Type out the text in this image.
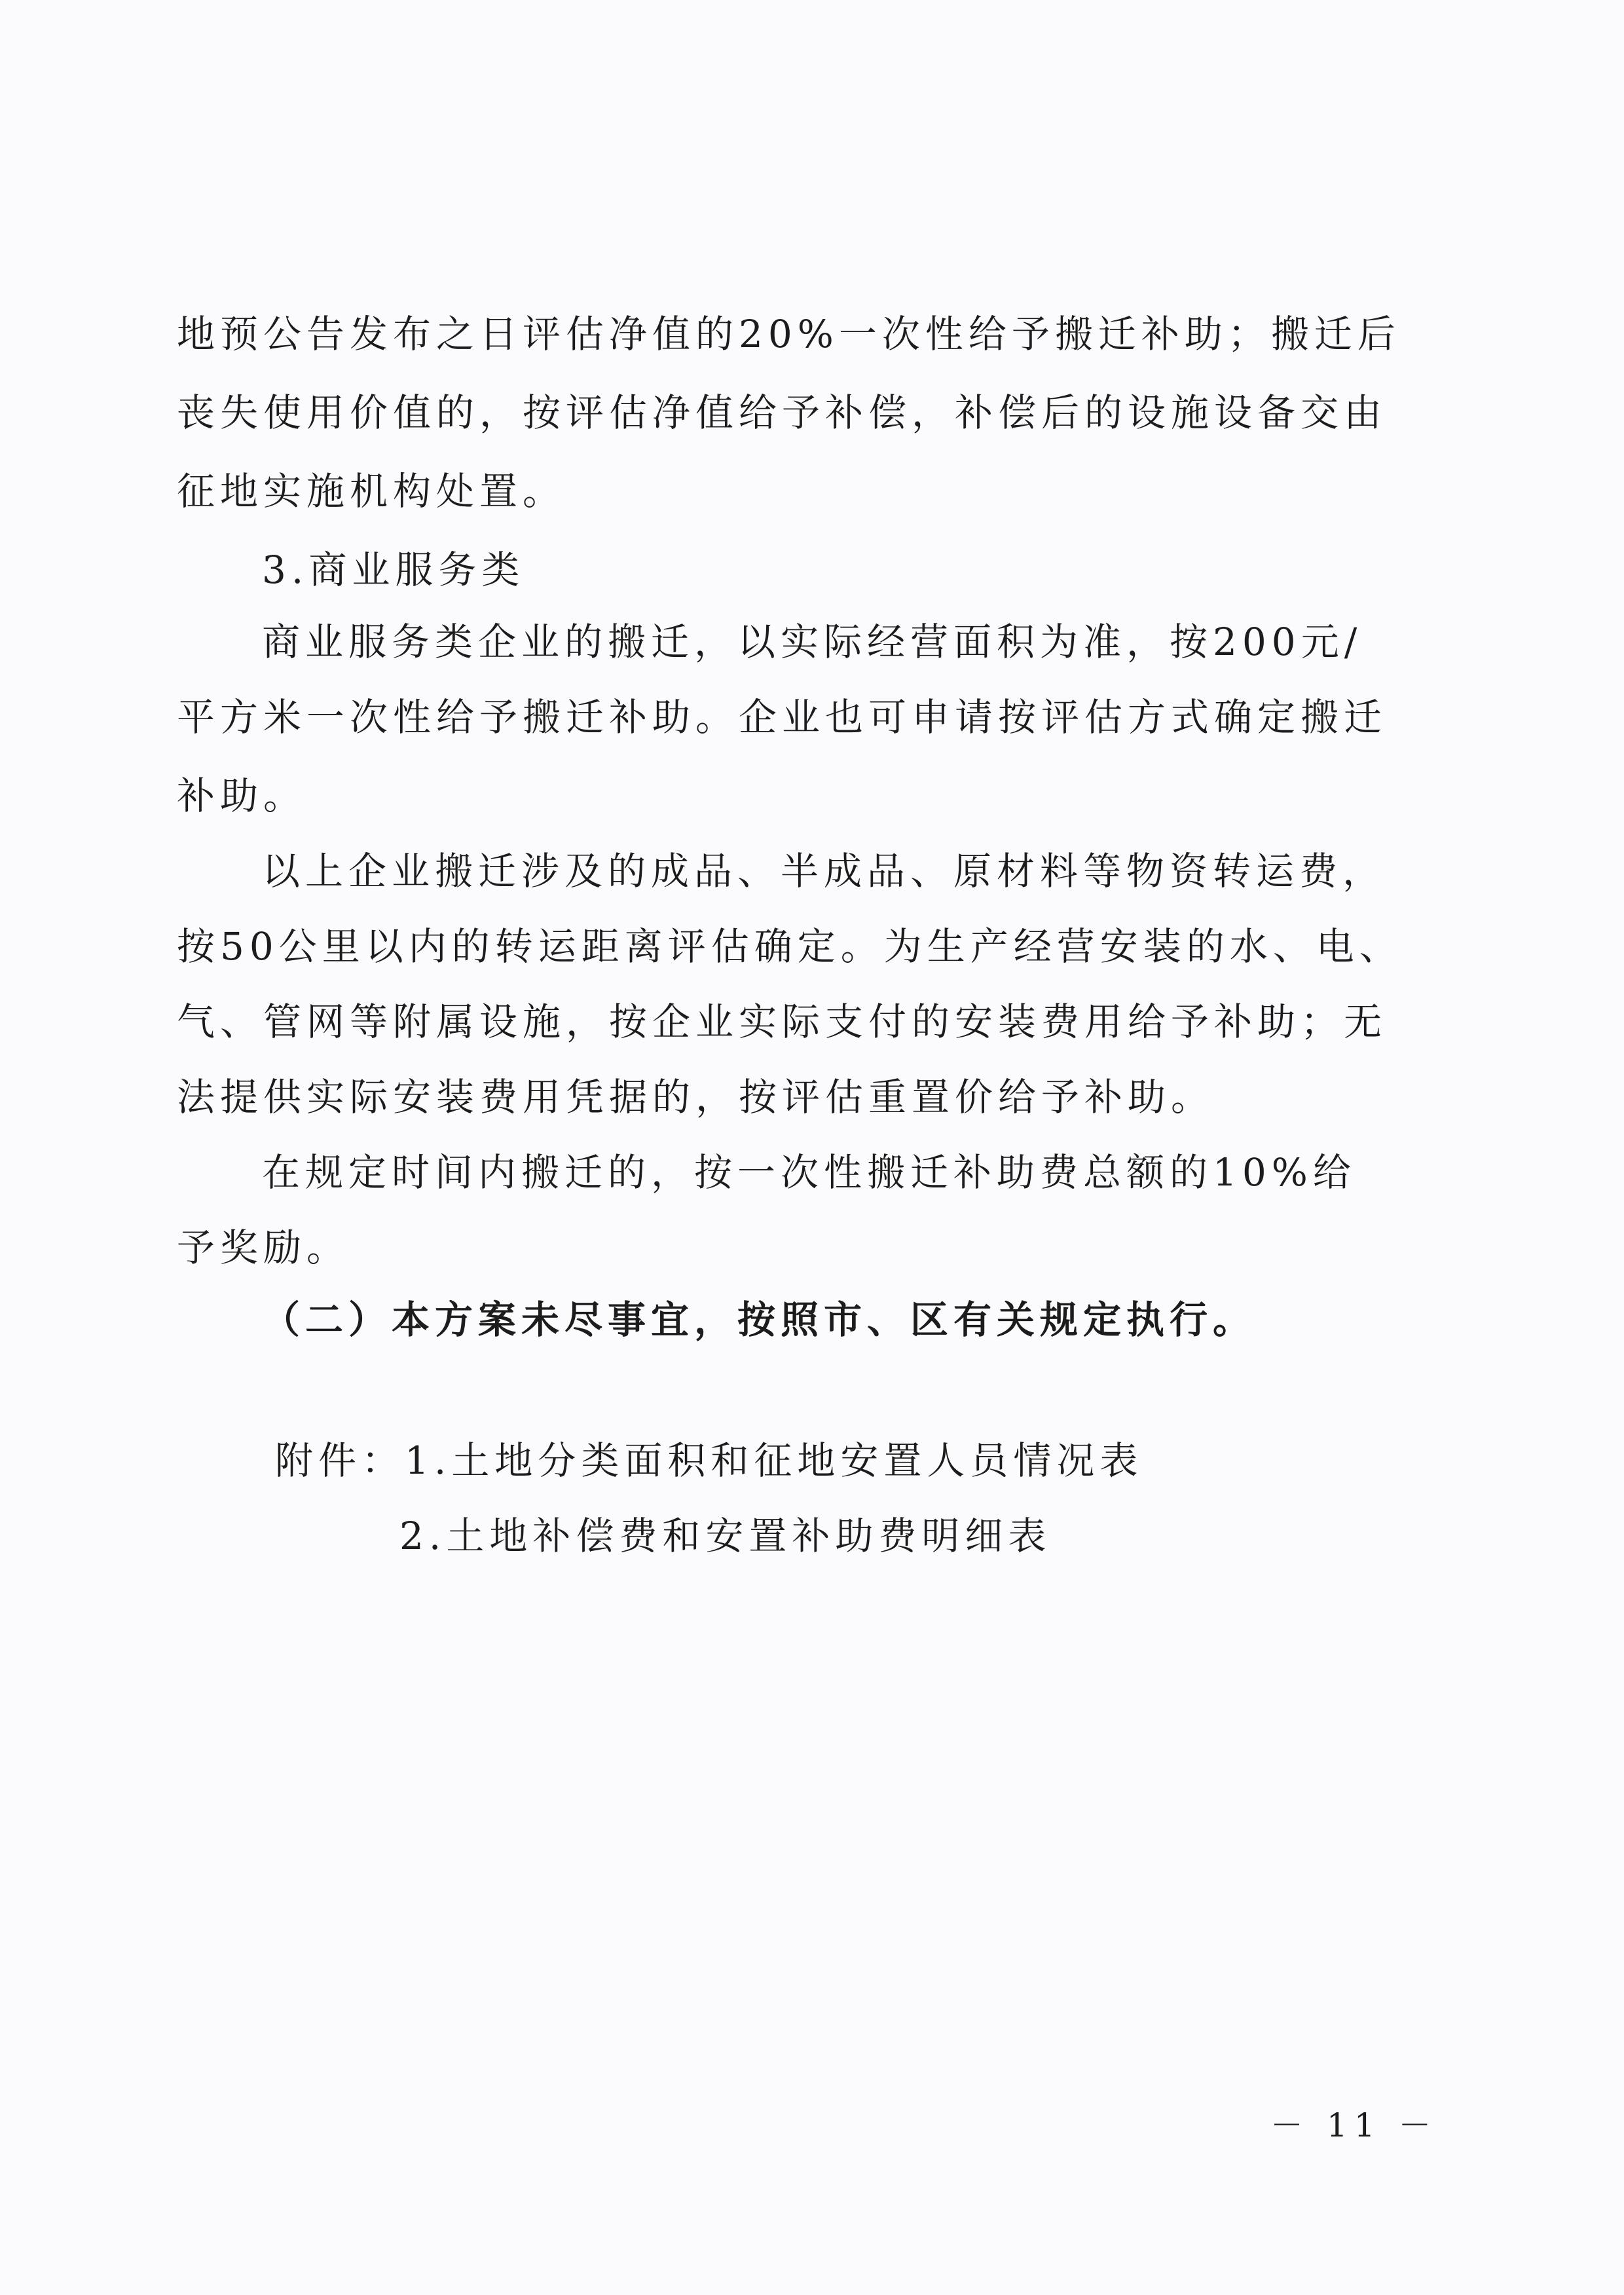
地预公告发布之日评估净值的20%一次性给予搬迁补助；搬迁后
丧失使用价值的，按评估净值给予补偿，补偿后的设施设备交由
征地实施机构处置。
3.商业服务类
商业服务类企业的搬迁，以实际经营面积为准，按200元/
平方米一次性给予搬迁补助。企业也可申请按评估方式确定搬迁
补助。
以上企业搬迁涉及的成品、半成品、原材料等物资转运费，
按50公里以内的转运距离评估确定。为生产经营安装的水、电、
气、管网等附属设施，按企业实际支付的安装费用给予补助；无
法提供实际安装费用凭据的，按评估重置价给予补助。
在规定时间内搬迁的，按一次性搬迁补助费总额的10%给
予奖励。
（二）本方案未尽事宜，按照市、区有关规定执行。
附件：1.土地分类面积和征地安置人员情况表
2.土地补偿费和安置补助费明细表
－ 11 －
